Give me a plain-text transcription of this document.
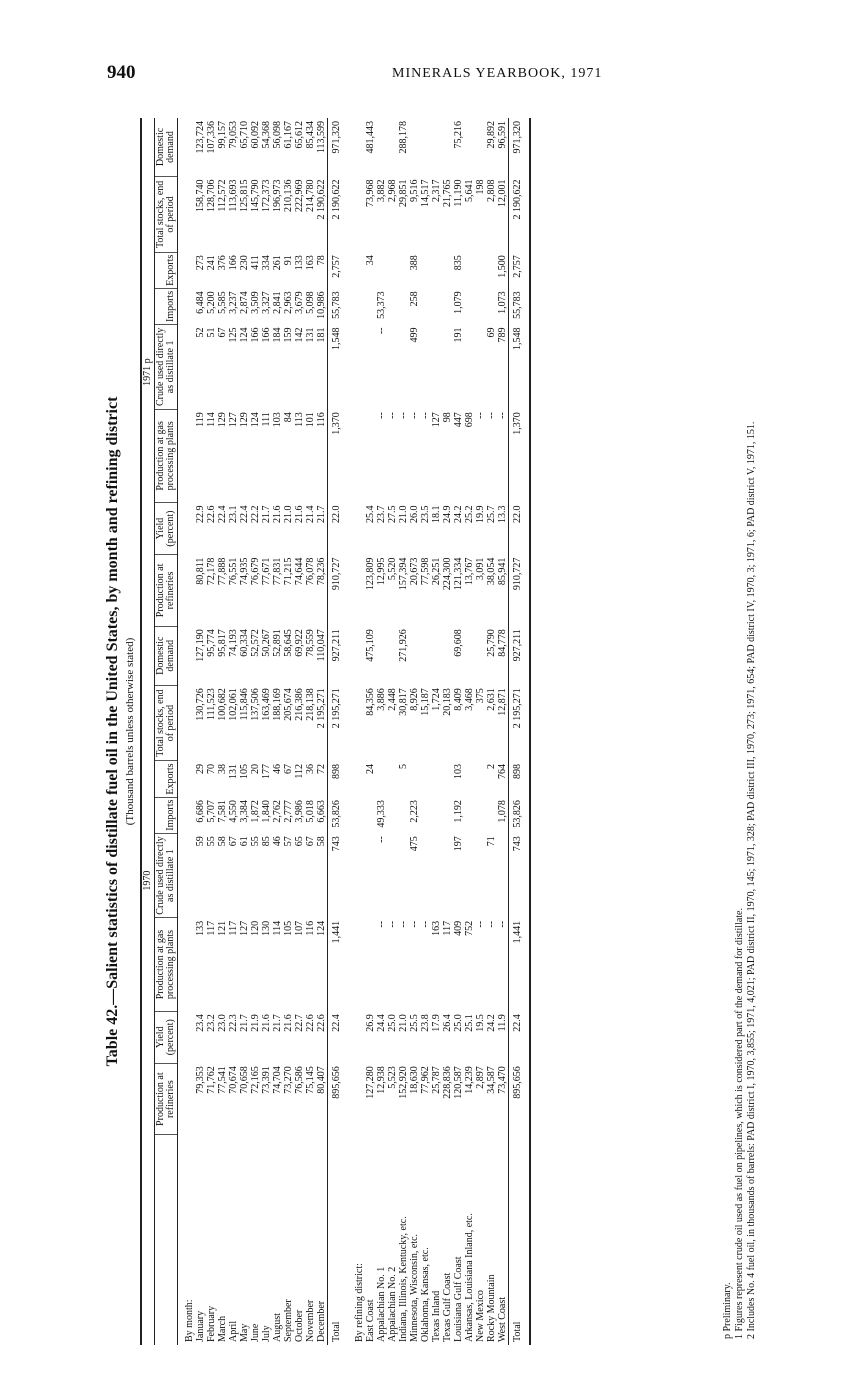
940	MINERALS YEARBOOK, 1971
Table 42.—Salient statistics of distillate fuel oil in the United States, by month and refining district (Thousand barrels unless otherwise stated)
	1970								1971 p							
	Production at refineries	Yield (percent)	Production at gas processing plants	Crude used directly as distillate 1	Imports	Exports	Total stocks, end of period	Domestic demand	Production at refineries	Yield (percent)	Production at gas processing plants	Crude used directly as distillate 1	Imports	Exports	Total stocks, end of period	Domestic demand
By month:																
January	79,353	23.4	133	59	6,686	29	130,726	127,190	80,811	22.9	119	52	6,484	273	158,740	123,724
February	71,762	23.2	117	55	5,707	70	111,523	95,774	72,178	22.6	114	51	5,200	241	128,706	107,336
March	77,541	23.0	121	58	7,581	38	100,682	95,817	77,888	22.4	129	67	5,585	376	112,572	99,157
April	70,674	22.3	117	67	4,550	131	102,061	74,193	76,551	23.1	127	125	3,237	166	113,693	79,053
May	70,658	21.7	127	61	3,384	105	115,846	60,334	74,935	22.4	129	124	2,874	230	125,815	65,710
June	72,165	21.9	120	55	1,872	20	137,506	52,572	76,679	22.2	124	166	3,509	411	145,790	60,092
July	73,391	21.6	130	85	1,840	177	163,469	50,267	77,671	21.7	111	166	3,327	334	172,373	54,368
August	74,704	21.7	114	46	2,762	46	188,169	52,891	77,831	21.6	103	184	2,841	261	196,973	56,098
September	73,270	21.6	105	57	2,777	67	205,674	58,645	71,215	21.0	84	159	2,963	91	210,136	61,167
October	76,586	22.7	107	65	3,986	112	216,386	69,922	74,644	21.6	113	142	3,679	133	222,969	65,612
November	75,145	22.6	116	67	5,018	36	218,138	78,559	76,078	21.4	101	131	5,098	163	214,780	85,434
December	80,407	22.6	124	58	6,663	72	2 195,271	110,047	78,236	21.7	116	181	10,986	78	2 190,622	113,599
Total	895,656	22.4	1,441	743	53,826	898	2 195,271	927,211	910,727	22.0	1,370	1,548	55,783	2,757	2 190,622	971,320
By refining district:																
East Coast	127,280	26.9				24	84,356	475,109	123,809	25.4				34	73,968	481,443
Appalachian No. 1	12,938	24.4	--	--	49,333		3,886		12,995	23.7	--	--	53,373		3,882	
Appalachian No. 2	5,523	25.0	--				2,448		5,520	27.5	--				2,968	
Indiana, Illinois, Kentucky, etc.	152,920	21.0	--			5	30,817	271,926	157,394	21.0	--				29,851	288,178
Minnesota, Wisconsin, etc.	18,630	25.5	--	475	2,223		8,926		20,673	26.0	--	499	258	388	9,516	
Oklahoma, Kansas, etc.	77,962	23.8	--				15,187		77,598	23.5	--				14,517	
Texas Inland	25,787	17.9	163				1,724		26,251	18.1	127				2,317	
Texas Gulf Coast	228,836	26.4	117				20,183		224,300	24.9	98				21,765	
Louisiana Gulf Coast	120,587	25.0	409	197	1,192	103	8,409	69,608	121,334	24.2	447	191	1,079	835	11,190	75,216
Arkansas, Louisiana Inland, etc.	14,239	25.1	752				3,468		13,767	25.2	698				5,641	
New Mexico	2,897	19.5	--				375		3,091	19.9	--				198	
Rocky Mountain	34,587	24.2	--	71		2	2,631	25,790	38,054	25.7	--	69			2,808	29,892
West Coast	73,470	11.9	--		1,078	764	12,871	84,778	85,941	13.3	--	789	1,073	1,500	12,001	96,591
Total	895,656	22.4	1,441	743	53,826	898	2 195,271	927,211	910,727	22.0	1,370	1,548	55,783	2,757	2 190,622	971,320
p Preliminary. 1 Figures represent crude oil used as fuel on pipelines, which is considered part of the demand for distillate. 2 Includes No. 4 fuel oil, in thousands of barrels: PAD district I, 1970, 3,855; 1971, 4,021; PAD district II, 1970, 145; 1971, 328; PAD district III, 1970, 273; 1971, 654; PAD district IV, 1970, 3; 1971, 6; PAD district V, 1971, 151.
